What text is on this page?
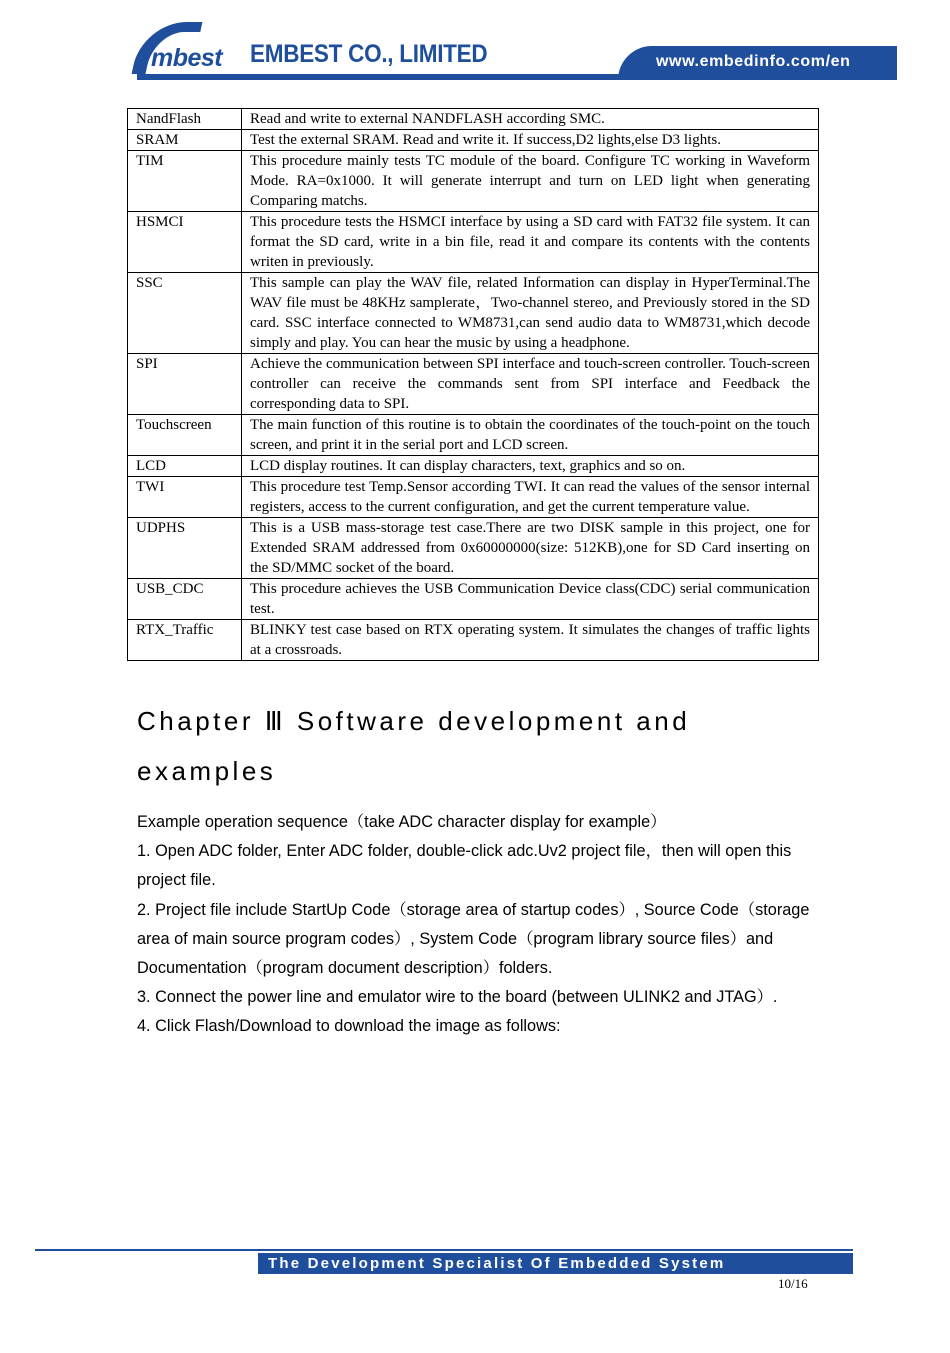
mbest EMBEST CO., LIMITED	www.embedinfo.com/en
NandFlash	Read and write to external NANDFLASH according SMC.
SRAM	Test the external SRAM. Read and write it. If success,D2 lights,else D3 lights.
TIM	This procedure mainly tests TC module of the board. Configure TC working in Waveform Mode. RA=0x1000. It will generate interrupt and turn on LED light when generating Comparing matchs.
HSMCI	This procedure tests the HSMCI interface by using a SD card with FAT32 file system. It can format the SD card, write in a bin file, read it and compare its contents with the contents writen in previously.
SSC	This sample can play the WAV file, related Information can display in HyperTerminal.The WAV file must be 48KHz samplerate，Two-channel stereo, and Previously stored in the SD card. SSC interface connected to WM8731,can send audio data to WM8731,which decode simply and play. You can hear the music by using a headphone.
SPI	Achieve the communication between SPI interface and touch-screen controller. Touch-screen controller can receive the commands sent from SPI interface and Feedback the corresponding data to SPI.
Touchscreen	The main function of this routine is to obtain the coordinates of the touch-point on the touch screen, and print it in the serial port and LCD screen.
LCD	LCD display routines. It can display characters, text, graphics and so on.
TWI	This procedure test Temp.Sensor according TWI. It can read the values of the sensor internal registers, access to the current configuration, and get the current temperature value.
UDPHS	This is a USB mass-storage test case.There are two DISK sample in this project, one for Extended SRAM addressed from 0x60000000(size: 512KB),one for SD Card inserting on the SD/MMC socket of the board.
USB_CDC	This procedure achieves the USB Communication Device class(CDC) serial communication test.
RTX_Traffic	BLINKY test case based on RTX operating system. It simulates the changes of traffic lights at a crossroads.
Chapter Ⅲ Software development and examples

Example operation sequence（take ADC character display for example）

1. Open ADC folder, Enter ADC folder, double-click adc.Uv2 project file，then will open this project file.

2. Project file include StartUp Code（storage area of startup codes）, Source Code（storage area of main source program codes）, System Code（program library source files）and Documentation（program document description）folders.

3. Connect the power line and emulator wire to the board (between ULINK2 and JTAG）.

4. Click Flash/Download to download the image as follows:

The Development Specialist Of Embedded System
10/16
